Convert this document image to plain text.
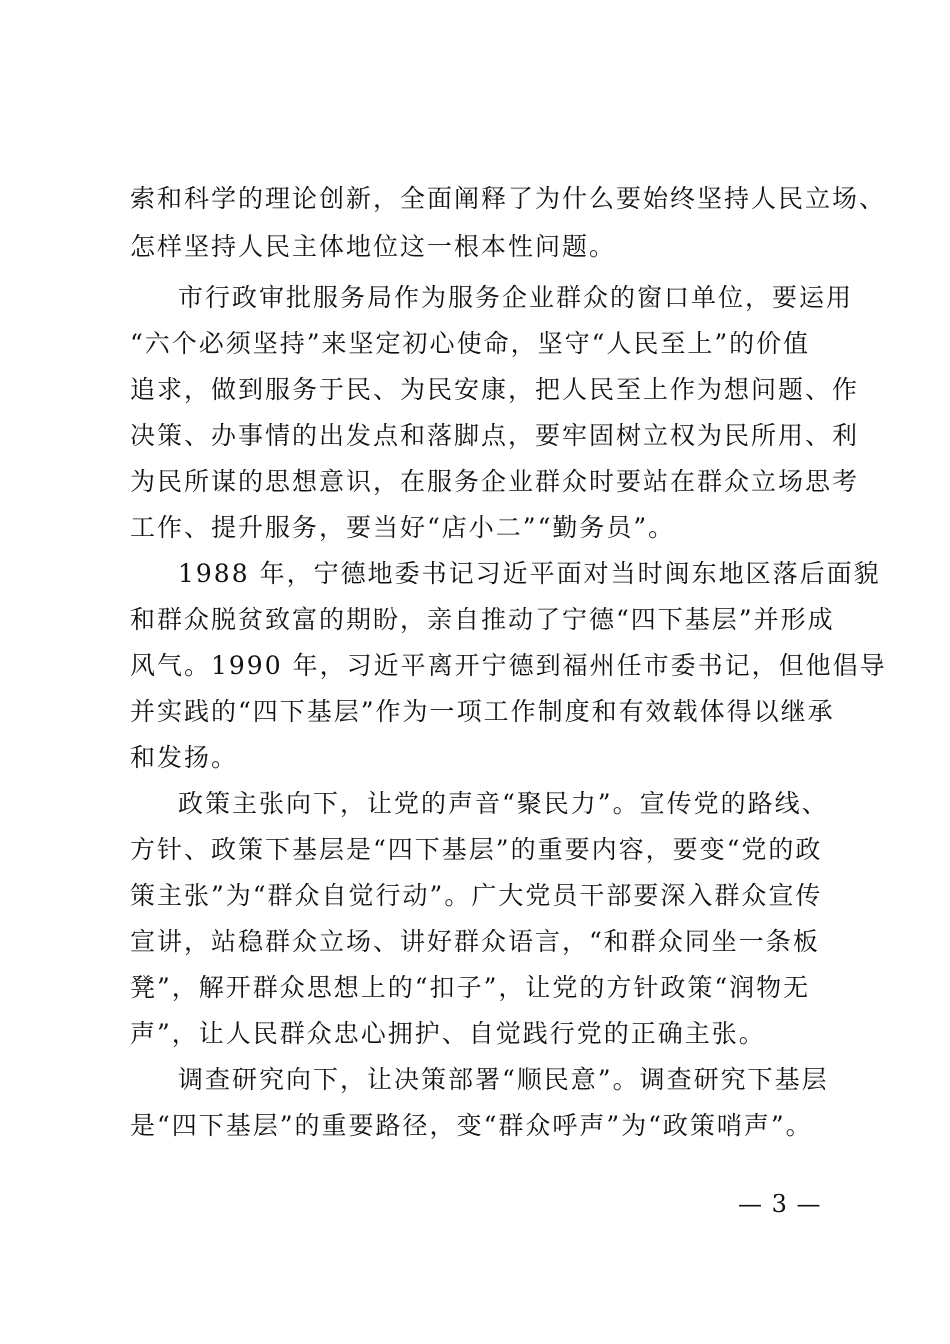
索和科学的理论创新，全面阐释了为什么要始终坚持人民立场、
怎样坚持人民主体地位这一根本性问题。
市行政审批服务局作为服务企业群众的窗口单位，要运用
“六个必须坚持”来坚定初心使命，坚守“人民至上”的价值
追求，做到服务于民、为民安康，把人民至上作为想问题、作
决策、办事情的出发点和落脚点，要牢固树立权为民所用、利
为民所谋的思想意识，在服务企业群众时要站在群众立场思考
工作、提升服务，要当好“店小二”“勤务员”。
1988 年，宁德地委书记习近平面对当时闽东地区落后面貌
和群众脱贫致富的期盼，亲自推动了宁德“四下基层”并形成
风气。1990 年，习近平离开宁德到福州任市委书记，但他倡导
并实践的“四下基层”作为一项工作制度和有效载体得以继承
和发扬。
政策主张向下，让党的声音“聚民力”。宣传党的路线、
方针、政策下基层是“四下基层”的重要内容，要变“党的政
策主张”为“群众自觉行动”。广大党员干部要深入群众宣传
宣讲，站稳群众立场、讲好群众语言，“和群众同坐一条板
凳”，解开群众思想上的“扣子”，让党的方针政策“润物无
声”，让人民群众忠心拥护、自觉践行党的正确主张。
调查研究向下，让决策部署“顺民意”。调查研究下基层
是“四下基层”的重要路径，变“群众呼声”为“政策哨声”。
— 3 —
